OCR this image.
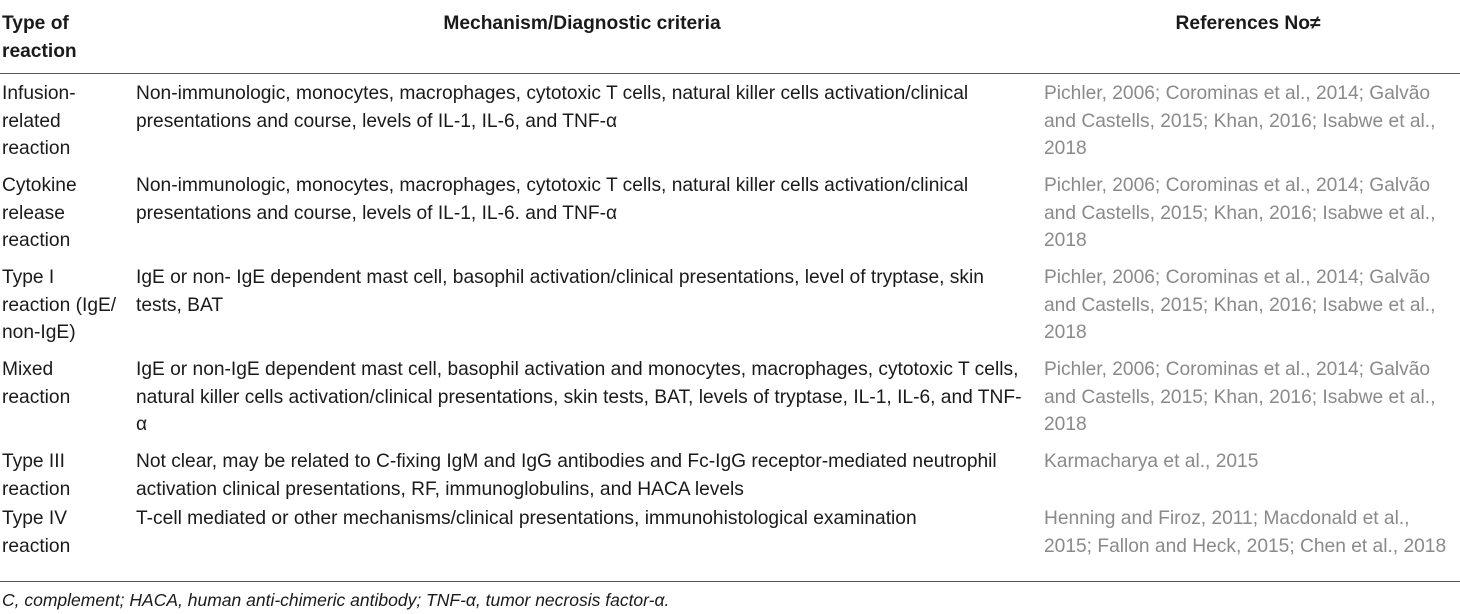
Type of reaction	Mechanism/Diagnostic criteria	References No≠
Infusion-related reaction	Non-immunologic, monocytes, macrophages, cytotoxic T cells, natural killer cells activation/clinical presentations and course, levels of IL-1, IL-6, and TNF-α	Pichler, 2006; Corominas et al., 2014; Galvão and Castells, 2015; Khan, 2016; Isabwe et al., 2018
Cytokine release reaction	Non-immunologic, monocytes, macrophages, cytotoxic T cells, natural killer cells activation/clinical presentations and course, levels of IL-1, IL-6. and TNF-α	Pichler, 2006; Corominas et al., 2014; Galvão and Castells, 2015; Khan, 2016; Isabwe et al., 2018
Type I reaction (IgE/ non-IgE)	IgE or non- IgE dependent mast cell, basophil activation/clinical presentations, level of tryptase, skin tests, BAT	Pichler, 2006; Corominas et al., 2014; Galvão and Castells, 2015; Khan, 2016; Isabwe et al., 2018
Mixed reaction	IgE or non-IgE dependent mast cell, basophil activation and monocytes, macrophages, cytotoxic T cells, natural killer cells activation/clinical presentations, skin tests, BAT, levels of tryptase, IL-1, IL-6, and TNF-α	Pichler, 2006; Corominas et al., 2014; Galvão and Castells, 2015; Khan, 2016; Isabwe et al., 2018
Type III reaction	Not clear, may be related to C-fixing IgM and IgG antibodies and Fc-IgG receptor-mediated neutrophil activation clinical presentations, RF, immunoglobulins, and HACA levels	Karmacharya et al., 2015
Type IV reaction	T-cell mediated or other mechanisms/clinical presentations, immunohistological examination	Henning and Firoz, 2011; Macdonald et al., 2015; Fallon and Heck, 2015; Chen et al., 2018
C, complement; HACA, human anti-chimeric antibody; TNF-α, tumor necrosis factor-α.
